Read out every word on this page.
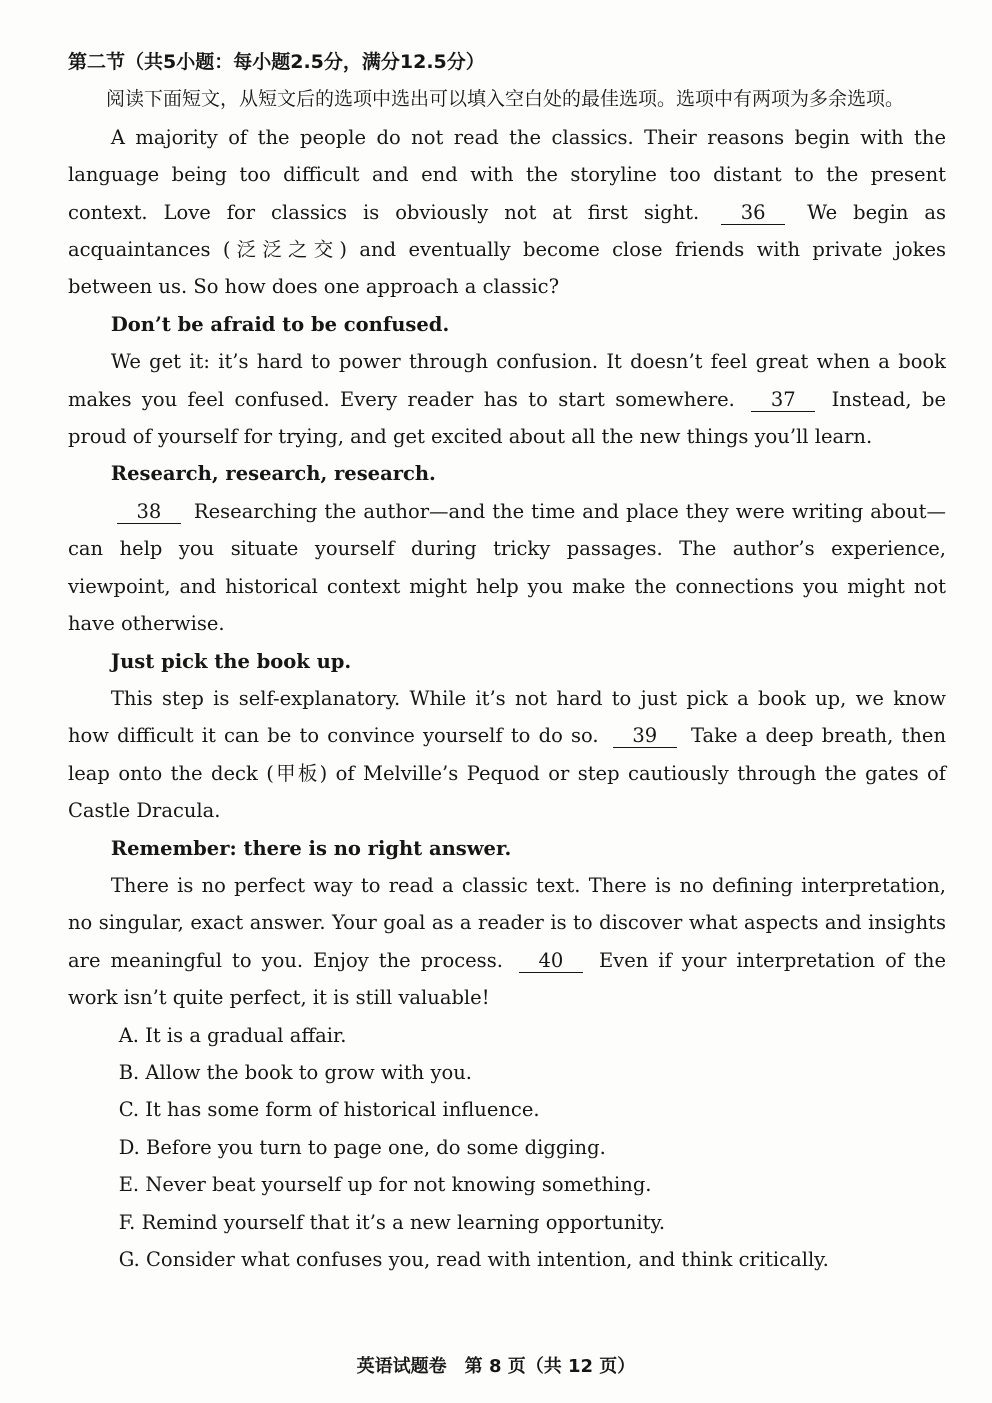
第二节（共5小题：每小题2.5分，满分12.5分）

阅读下面短文，从短文后的选项中选出可以填入空白处的最佳选项。选项中有两项为多余选项。

A majority of the people do not read the classics. Their reasons begin with the language being too difficult and end with the storyline too distant to the present context. Love for classics is obviously not at first sight. 36 We begin as acquaintances (泛泛之交) and eventually become close friends with private jokes between us. So how does one approach a classic?

Don’t be afraid to be confused.

We get it: it’s hard to power through confusion. It doesn’t feel great when a book makes you feel confused. Every reader has to start somewhere. 37 Instead, be proud of yourself for trying, and get excited about all the new things you’ll learn.

Research, research, research.

38 Researching the author—and the time and place they were writing about—can help you situate yourself during tricky passages. The author’s experience, viewpoint, and historical context might help you make the connections you might not have otherwise.

Just pick the book up.

This step is self-explanatory. While it’s not hard to just pick a book up, we know how difficult it can be to convince yourself to do so. 39 Take a deep breath, then leap onto the deck (甲板) of Melville’s Pequod or step cautiously through the gates of Castle Dracula.

Remember: there is no right answer.

There is no perfect way to read a classic text. There is no defining interpretation, no singular, exact answer. Your goal as a reader is to discover what aspects and insights are meaningful to you. Enjoy the process. 40 Even if your interpretation of the work isn’t quite perfect, it is still valuable!

A. It is a gradual affair.
B. Allow the book to grow with you.
C. It has some form of historical influence.
D. Before you turn to page one, do some digging.
E. Never beat yourself up for not knowing something.
F. Remind yourself that it’s a new learning opportunity.
G. Consider what confuses you, read with intention, and think critically.
英语试题卷　第 8 页（共 12 页）
